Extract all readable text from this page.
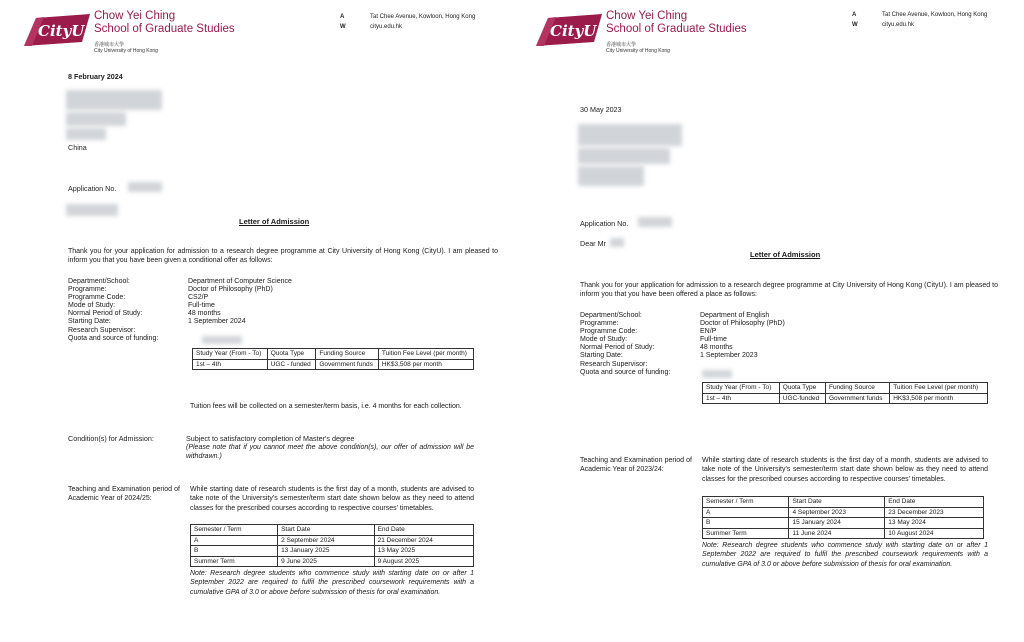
CityU
Chow Yei Ching
School of Graduate Studies
香港城市大學
City University of Hong Kong
A	Tat Chee Avenue, Kowloon, Hong Kong
W	cityu.edu.hk
8 February 2024
China
Application No.
Letter of Admission
Thank you for your application for admission to a research degree programme at City University of Hong Kong (CityU). I am pleased to inform you that you have been given a conditional offer as follows:
Department/School:	Department of Computer Science
Programme:	Doctor of Philosophy (PhD)
Programme Code:	CS2/P
Mode of Study:	Full-time
Normal Period of Study:	48 months
Starting Date:	1 September 2024
Research Supervisor:
Quota and source of funding:
Study Year (From - To)	Quota Type	Funding Source	Tuition Fee Level (per month)
1st – 4th	UGC - funded	Government funds	HK$3,508 per month
Tuition fees will be collected on a semester/term basis, i.e. 4 months for each collection.
Condition(s) for Admission:	Subject to satisfactory completion of Master's degree
(Please note that if you cannot meet the above condition(s), our offer of admission will be withdrawn.)
Teaching and Examination period of Academic Year of 2024/25:
While starting date of research students is the first day of a month, students are advised to take note of the University's semester/term start date shown below as they need to attend classes for the prescribed courses according to respective courses' timetables.
Semester / Term	Start Date	End Date
A	2 September 2024	21 December 2024
B	13 January 2025	13 May 2025
Summer Term	9 June 2025	9 August 2025
Note: Research degree students who commence study with starting date on or after 1 September 2022 are required to fulfil the prescribed coursework requirements with a cumulative GPA of 3.0 or above before submission of thesis for oral examination.
CityU
Chow Yei Ching
School of Graduate Studies
香港城市大學
City University of Hong Kong
A	Tat Chee Avenue, Kowloon, Hong Kong
W	cityu.edu.hk
30 May 2023
Application No.
Dear Mr
Letter of Admission
Thank you for your application for admission to a research degree programme at City University of Hong Kong (CityU). I am pleased to inform you that you have been offered a place as follows:
Department/School:	Department of English
Programme:	Doctor of Philosophy (PhD)
Programme Code:	EN/P
Mode of Study:	Full-time
Normal Period of Study:	48 months
Starting Date:	1 September 2023
Research Supervisor:
Quota and source of funding:
Study Year (From - To)	Quota Type	Funding Source	Tuition Fee Level (per month)
1st – 4th	UGC-funded	Government funds	HK$3,508 per month
Teaching and Examination period of Academic Year of 2023/24:
While starting date of research students is the first day of a month, students are advised to take note of the University's semester/term start date shown below as they need to attend classes for the prescribed courses according to respective courses' timetables.
Semester / Term	Start Date	End Date
A	4 September 2023	23 December 2023
B	15 January 2024	13 May 2024
Summer Term	11 June 2024	10 August 2024
Note: Research degree students who commence study with starting date on or after 1 September 2022 are required to fulfil the prescribed coursework requirements with a cumulative GPA of 3.0 or above before submission of thesis for oral examination.
